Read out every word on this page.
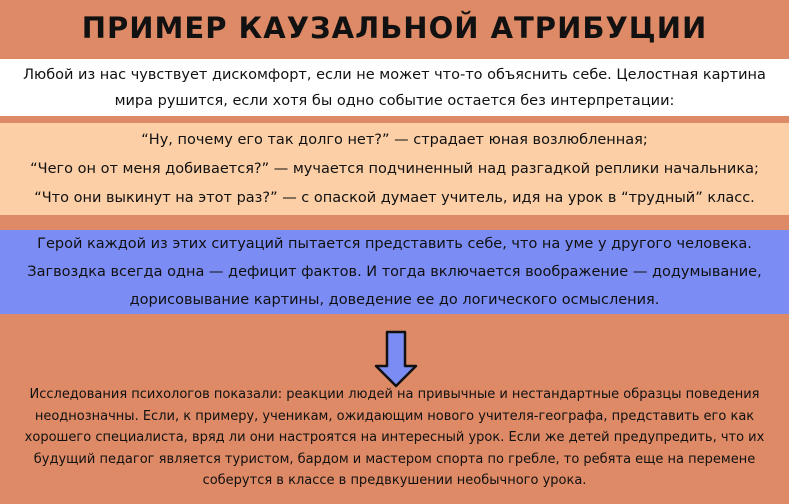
ПРИМЕР КАУЗАЛЬНОЙ АТРИБУЦИИ
Любой из нас чувствует дискомфорт, если не может что-то объяснить себе. Целостная картина
мира рушится, если хотя бы одно событие остается без интерпретации:
“Ну, почему его так долго нет?” — страдает юная возлюбленная;
“Чего он от меня добивается?” — мучается подчиненный над разгадкой реплики начальника;
“Что они выкинут на этот раз?” — с опаской думает учитель, идя на урок в “трудный” класс.
Герой каждой из этих ситуаций пытается представить себе, что на уме у другого человека.
Загвоздка всегда одна — дефицит фактов. И тогда включается воображение — додумывание,
дорисовывание картины, доведение ее до логического осмысления.
Исследования психологов показали: реакции людей на привычные и нестандартные образцы поведения
неоднозначны. Если, к примеру, ученикам, ожидающим нового учителя-географа, представить его как
хорошего специалиста, вряд ли они настроятся на интересный урок. Если же детей предупредить, что их
будущий педагог является туристом, бардом и мастером спорта по гребле, то ребята еще на перемене
соберутся в классе в предвкушении необычного урока.
